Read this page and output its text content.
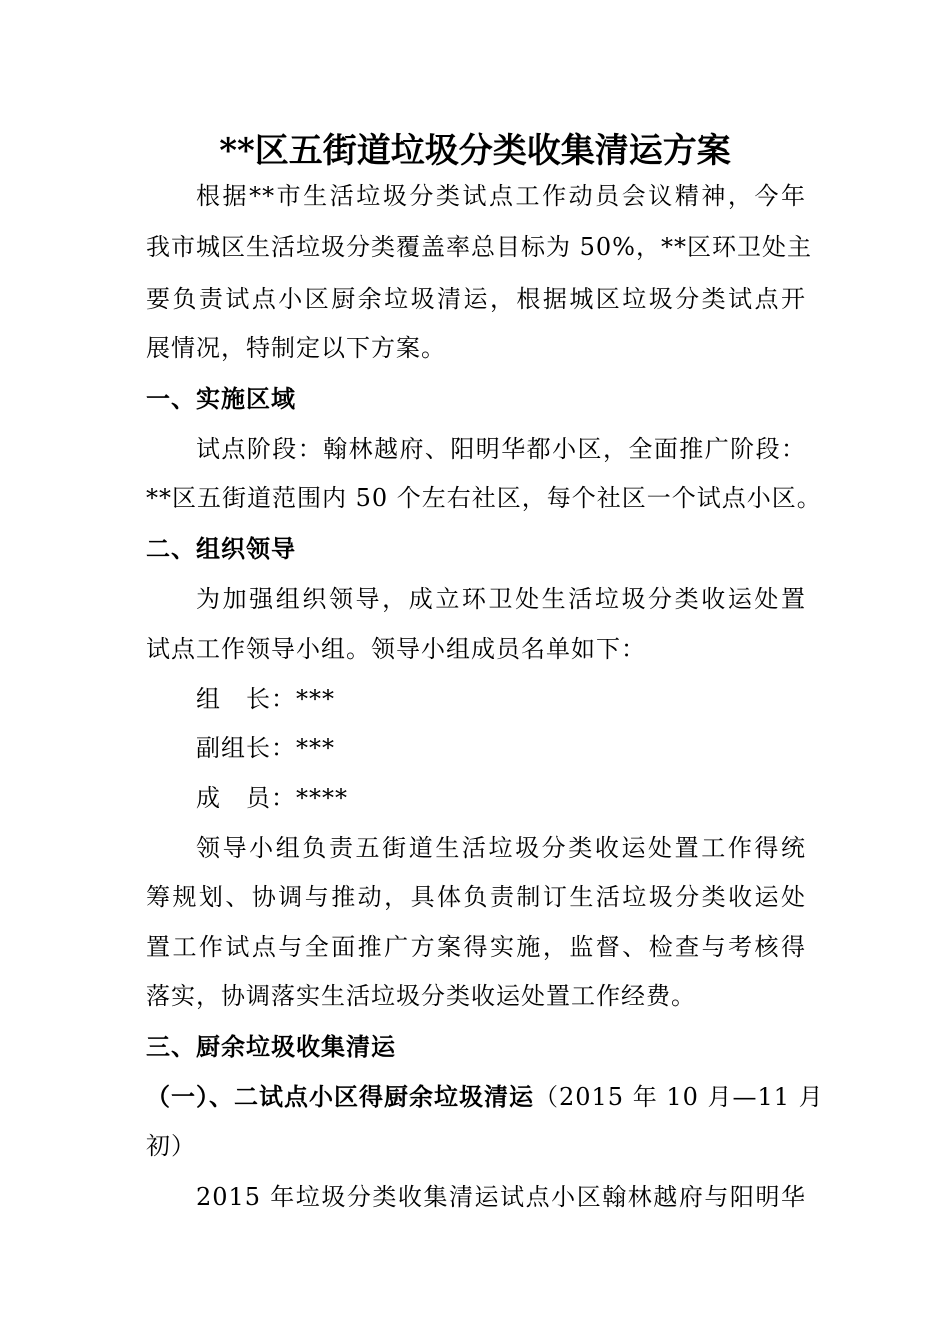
**区五街道垃圾分类收集清运方案
根据**市生活垃圾分类试点工作动员会议精神，今年
我市城区生活垃圾分类覆盖率总目标为 50%，**区环卫处主
要负责试点小区厨余垃圾清运，根据城区垃圾分类试点开
展情况，特制定以下方案。
一、实施区域
试点阶段：翰林越府、阳明华都小区，全面推广阶段：
**区五街道范围内 50 个左右社区，每个社区一个试点小区。
二、组织领导
为加强组织领导，成立环卫处生活垃圾分类收运处置
试点工作领导小组。领导小组成员名单如下：
组　长：***
副组长：***
成　员：****
领导小组负责五街道生活垃圾分类收运处置工作得统
筹规划、协调与推动，具体负责制订生活垃圾分类收运处
置工作试点与全面推广方案得实施，监督、检查与考核得
落实，协调落实生活垃圾分类收运处置工作经费。
三、厨余垃圾收集清运
（一）、二试点小区得厨余垃圾清运（2015 年 10 月—11 月
初）
2015 年垃圾分类收集清运试点小区翰林越府与阳明华
